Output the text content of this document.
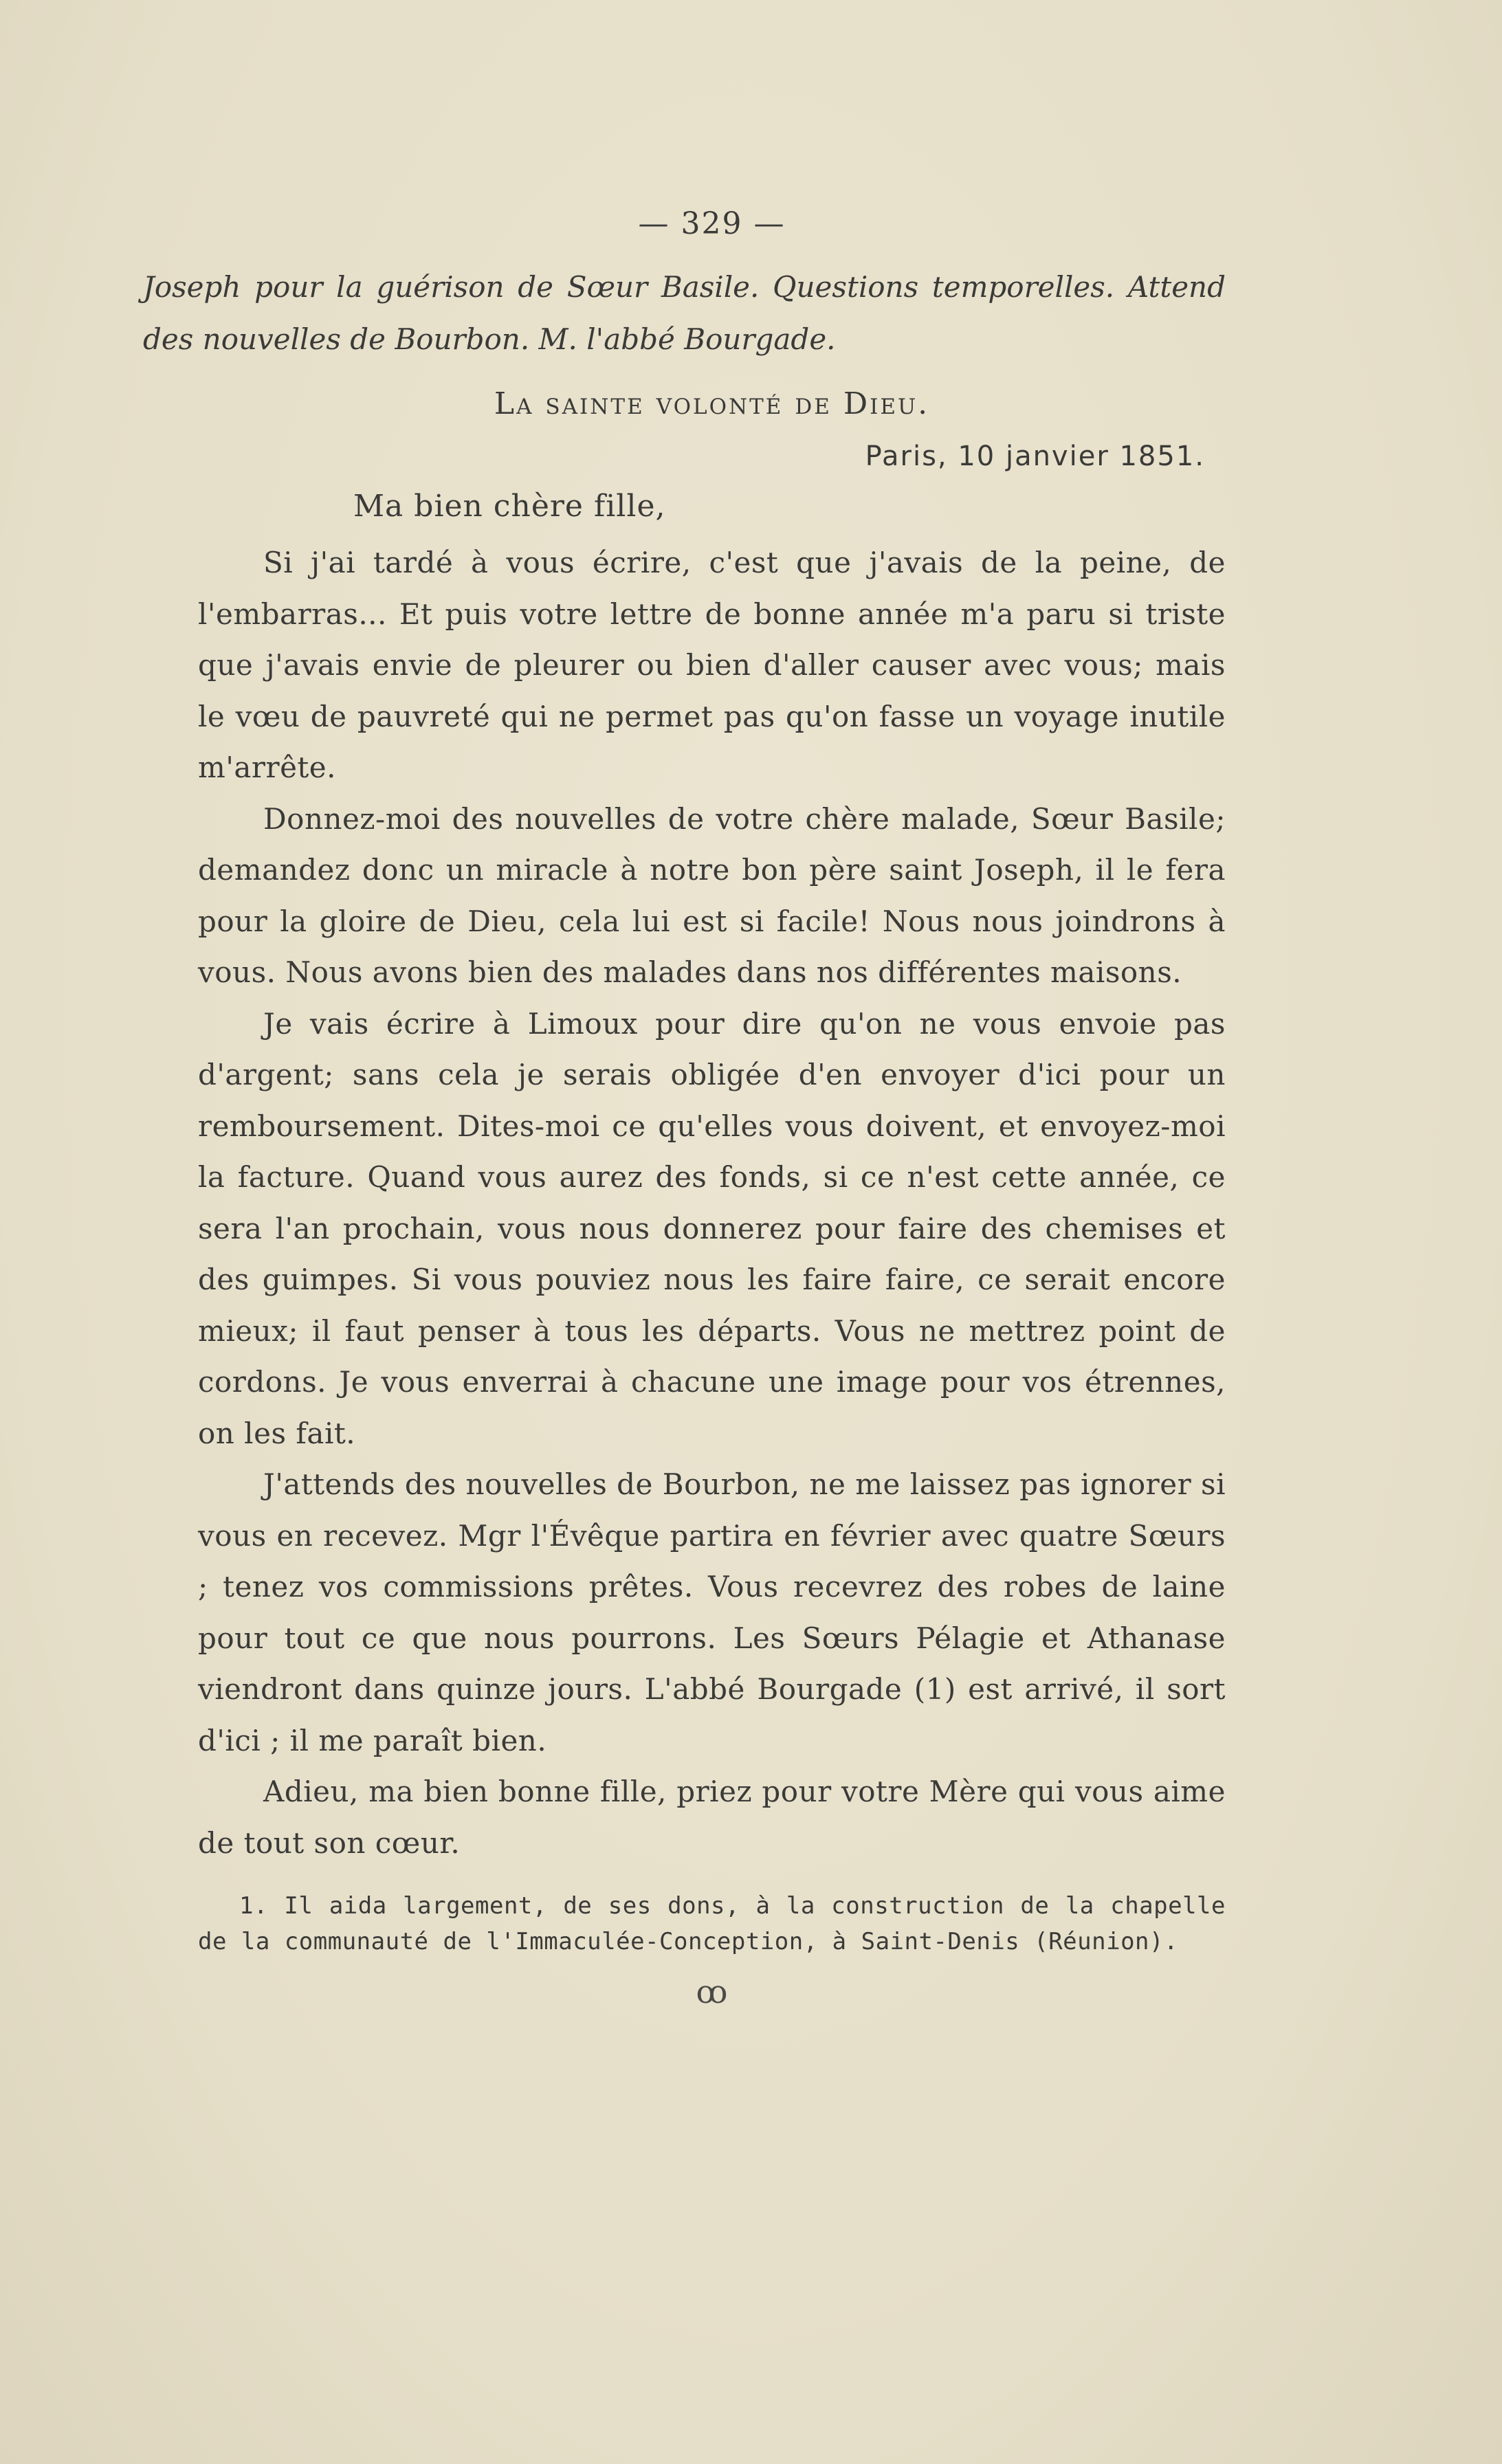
— 329 —

Joseph pour la guérison de Sœur Basile. Questions temporelles. Attend des nouvelles de Bourbon. M. l'abbé Bourgade.

La sainte volonté de Dieu.

Paris, 10 janvier 1851.

Ma bien chère fille,

Si j'ai tardé à vous écrire, c'est que j'avais de la peine, de l'embarras... Et puis votre lettre de bonne année m'a paru si triste que j'avais envie de pleurer ou bien d'aller causer avec vous; mais le vœu de pauvreté qui ne permet pas qu'on fasse un voyage inutile m'arrête.

Donnez-moi des nouvelles de votre chère malade, Sœur Basile; demandez donc un miracle à notre bon père saint Joseph, il le fera pour la gloire de Dieu, cela lui est si facile! Nous nous joindrons à vous. Nous avons bien des malades dans nos différentes maisons.

Je vais écrire à Limoux pour dire qu'on ne vous envoie pas d'argent; sans cela je serais obligée d'en envoyer d'ici pour un remboursement. Dites-moi ce qu'elles vous doivent, et envoyez-moi la facture. Quand vous aurez des fonds, si ce n'est cette année, ce sera l'an prochain, vous nous donnerez pour faire des chemises et des guimpes. Si vous pouviez nous les faire faire, ce serait encore mieux; il faut penser à tous les départs. Vous ne mettrez point de cordons. Je vous enverrai à chacune une image pour vos étrennes, on les fait.

J'attends des nouvelles de Bourbon, ne me laissez pas ignorer si vous en recevez. Mgr l'Évêque partira en février avec quatre Sœurs ; tenez vos commissions prêtes. Vous recevrez des robes de laine pour tout ce que nous pourrons. Les Sœurs Pélagie et Athanase viendront dans quinze jours. L'abbé Bourgade (1) est arrivé, il sort d'ici ; il me paraît bien.

Adieu, ma bien bonne fille, priez pour votre Mère qui vous aime de tout son cœur.

1. Il aida largement, de ses dons, à la construction de la chapelle de la communauté de l'Immaculée-Conception, à Saint-Denis (Réunion).

ꝏ
